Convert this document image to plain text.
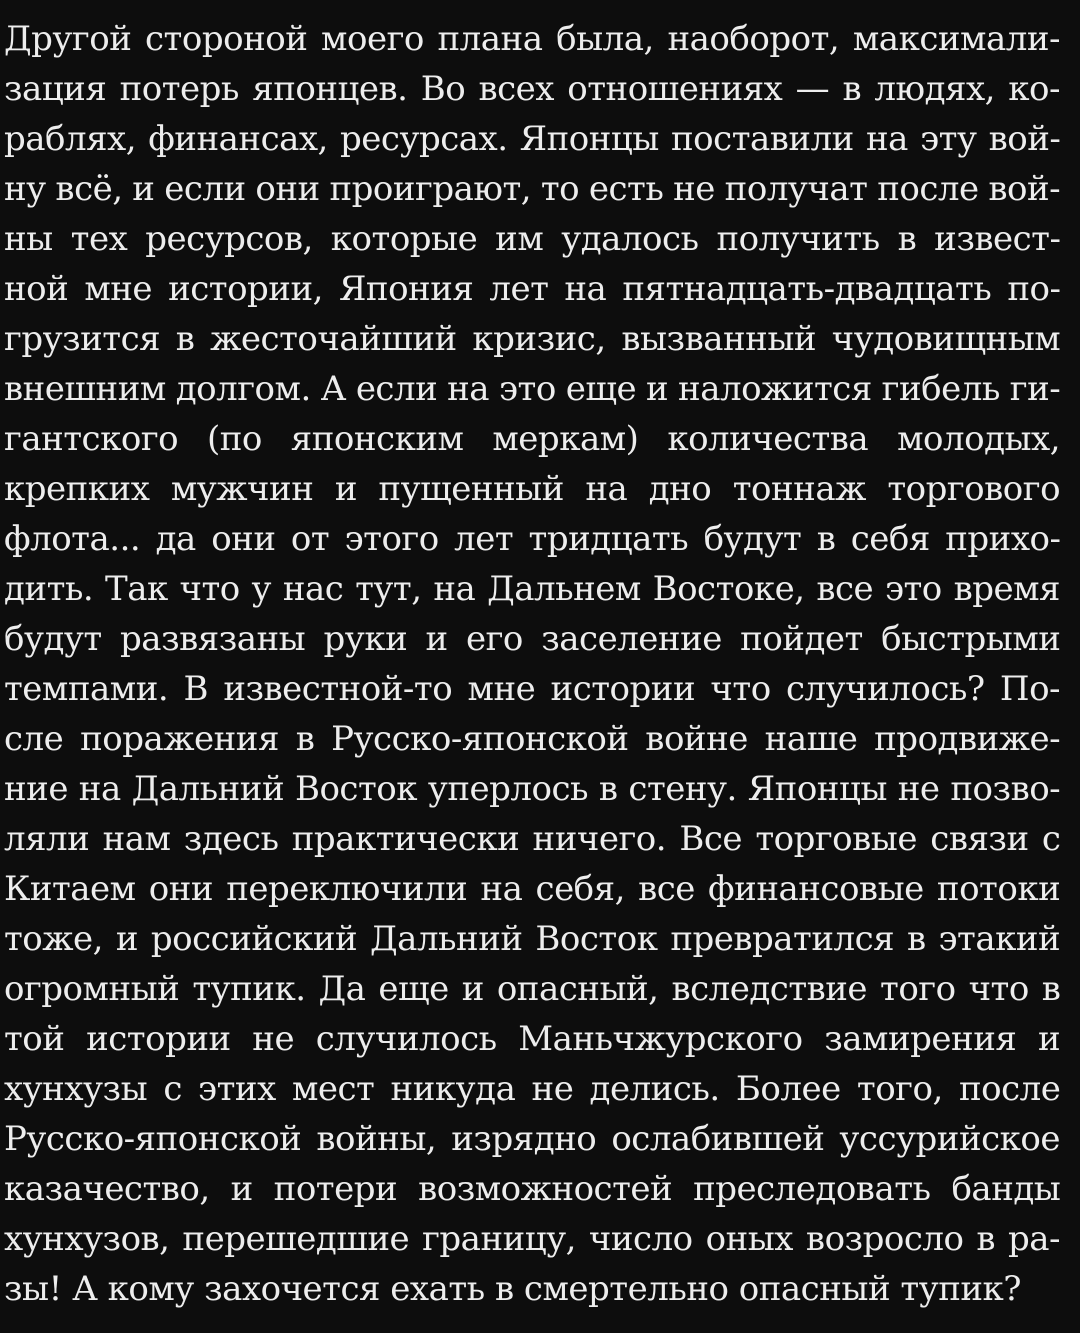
Другой стороной моего плана была, наоборот, максимали-
зация потерь японцев. Во всех отношениях — в людях, ко-
раблях, финансах, ресурсах. Японцы поставили на эту вой-
ну всё, и если они проиграют, то есть не получат после вой-
ны тех ресурсов, которые им удалось получить в извест-
ной мне истории, Япония лет на пятнадцать-двадцать по-
грузится в жесточайший кризис, вызванный чудовищным
внешним долгом. А если на это еще и наложится гибель ги-
гантского (по японским меркам) количества молодых,
крепких мужчин и пущенный на дно тоннаж торгового
флота... да они от этого лет тридцать будут в себя прихо-
дить. Так что у нас тут, на Дальнем Востоке, все это время
будут развязаны руки и его заселение пойдет быстрыми
темпами. В известной-то мне истории что случилось? По-
сле поражения в Русско-японской войне наше продвиже-
ние на Дальний Восток уперлось в стену. Японцы не позво-
ляли нам здесь практически ничего. Все торговые связи с
Китаем они переключили на себя, все финансовые потоки
тоже, и российский Дальний Восток превратился в этакий
огромный тупик. Да еще и опасный, вследствие того что в
той истории не случилось Маньчжурского замирения и
хунхузы с этих мест никуда не делись. Более того, после
Русско-японской войны, изрядно ослабившей уссурийское
казачество, и потери возможностей преследовать банды
хунхузов, перешедшие границу, число оных возросло в ра-
зы! А кому захочется ехать в смертельно опасный тупик?
